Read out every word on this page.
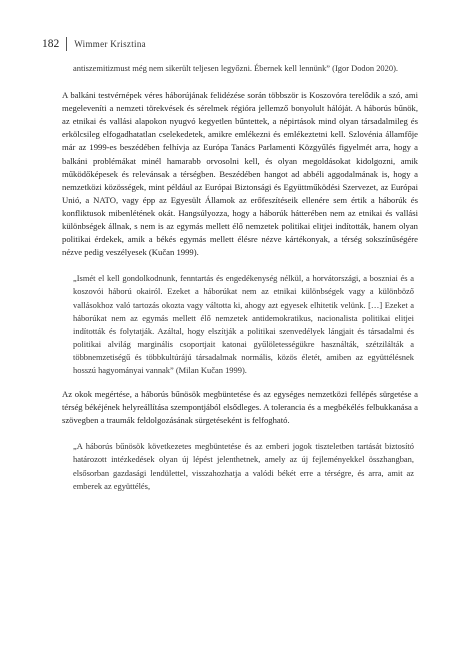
182	Wimmer Krisztina

antiszemitizmust még nem sikerült teljesen legyőzni. Ébernek kell lennünk” (Igor Dodon 2020).

A balkáni testvérnépek véres háborújának felidézése során többször is Koszovóra terelődik a szó, ami megeleveníti a nemzeti törekvések és sérelmek régióra jellemző bonyolult hálóját. A háborús bűnök, az etnikai és vallási alapokon nyugvó kegyetlen bűntettek, a népirtások mind olyan társadalmileg és erkölcsileg elfogadhatatlan cselekedetek, amikre emlékezni és emlékeztetni kell. Szlovénia államfője már az 1999-es beszédében felhívja az Európa Tanács Parlamenti Közgyűlés figyelmét arra, hogy a balkáni problémákat minél hamarabb orvosolni kell, és olyan megoldásokat kidolgozni, amik működőképesek és relevánsak a térségben. Beszédében hangot ad abbéli aggodalmának is, hogy a nemzetközi közösségek, mint például az Európai Biztonsági és Együttműködési Szervezet, az Európai Unió, a NATO, vagy épp az Egyesült Államok az erőfeszítéseik ellenére sem értik a háborúk és konfliktusok mibenlétének okát. Hangsúlyozza, hogy a háborúk hátterében nem az etnikai és vallási különbségek állnak, s nem is az egymás mellett élő nemzetek politikai elitjei indították, hanem olyan politikai érdekek, amik a békés egymás mellett élésre nézve kártékonyak, a térség sokszínűségére nézve pedig veszélyesek (Kučan 1999).

„Ismét el kell gondolkodnunk, fenntartás és engedékenység nélkül, a horvátországi, a boszniai és a koszovói háború okairól. Ezeket a háborúkat nem az etnikai különbségek vagy a különböző vallásokhoz való tartozás okozta vagy váltotta ki, ahogy azt egyesek elhitetik velünk. […] Ezeket a háborúkat nem az egymás mellett élő nemzetek antidemokratikus, nacionalista politikai elitjei indították és folytatják. Azáltal, hogy elszítják a politikai szenvedélyek lángjait és társadalmi és politikai alvilág marginális csoportjait katonai gyűlöletességükre használták, szétzilálták a többnemzetiségű és többkultúrájú társadalmak normális, közös életét, amiben az együttélésnek hosszú hagyományai vannak” (Milan Kučan 1999).

Az okok megértése, a háborús bűnösök megbüntetése és az egységes nemzetközi fellépés sürgetése a térség békéjének helyreállítása szempontjából elsődleges. A tolerancia és a megbékélés felbukkanása a szövegben a traumák feldolgozásának sürgetéseként is felfogható.

„A háborús bűnösök következetes megbüntetése és az emberi jogok tiszteletben tartását biztosító határozott intézkedések olyan új lépést jelenthetnek, amely az új fejleményekkel összhangban, elsősorban gazdasági lendülettel, visszahozhatja a valódi békét erre a térségre, és arra, amit az emberek az együttélés,
